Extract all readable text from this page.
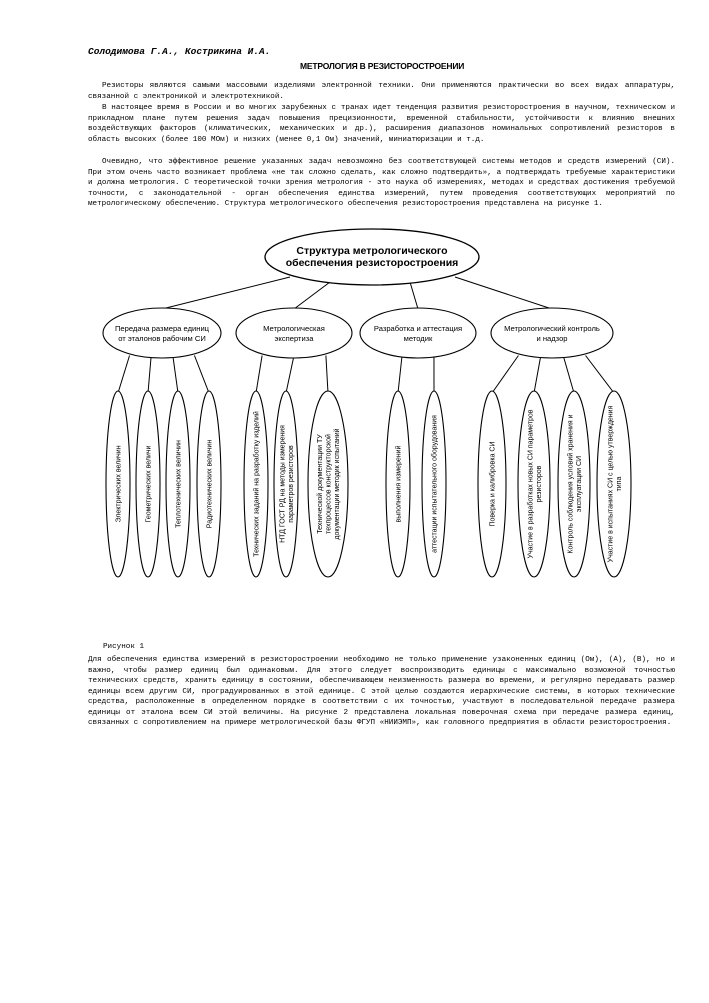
Солодимова Г.А., Кострикина И.А.
МЕТРОЛОГИЯ В РЕЗИСТОРОСТРОЕНИИ

Резисторы являются самыми массовыми изделиями электронной техники. Они применяются практически во всех видах аппаратуры, связанной с электроникой и электротехникой.

В настоящее время в России и во многих зарубежных с транах идет тенденция развития резисторостроения в научном, техническом и прикладном плане путем решения задач повышения прецизионности, временной стабильности, устойчивости к влиянию внешних воздействующих факторов (климатических, механических и др.), расширения диапазонов номинальных сопротивлений резисторов в область высоких (более 100 МОм) и низких (менее 0,1 Ом) значений, миниатюризации и т.д.

Очевидно, что эффективное решение указанных задач невозможно без соответствующей системы методов и средств измерений (СИ). При этом очень часто возникает проблема «не так сложно сделать, как сложно подтвердить», а подтверждать требуемые характеристики и должна метрология. С теоретической точки зрения метрология - это наука об измерениях, методах и средствах достижения требуемой точности, с законодательной - орган обеспечения единства измерений, путем проведения соответствующих мероприятий по метрологическому обеспечению. Структура метрологического обеспечения резисторостроения представлена на рисунке 1.

Структура метрологического обеспечения резисторостроения
Передача размера единиц от эталонов рабочим СИ
Электрических величин	Геометрических величи	Теплотехнических величин	Радиотехнических величин
Метрологическая экспертиза
Технических заданий на разработку изделий	НТД ГОСТ РД на методы измерения параметров резисторов	Технической документации ТУ техпроцессов конструкторской документации методик испытаний
Разработка и аттестация методик
выполнения измерений	аттестации испытательного оборудования
Метрологический контроль и надзор
Поверка и калибровка СИ	Участие в разработках новых СИ параметров резисторов	Контроль соблюдения условий хранения и эксплуатации СИ	Участие в испытаниях СИ с целью утверждения типа
Рисунок 1

Для обеспечения единства измерений в резисторостроении необходимо не только применение узаконенных единиц (Ом), (А), (В), но и важно, чтобы размер единиц был одинаковым. Для этого следует воспроизводить единицы с максимально возможной точностью технических средств, хранить единицу в состоянии, обеспечивающем неизменность размера во времени, и регулярно передавать размер единицы всем другим СИ, проградуированных в этой единице. С этой целью создаются иерархические системы, в которых технические средства, расположенные в определенном порядке в соответствии с их точностью, участвуют в последовательной передаче размера единицы от эталона всем СИ этой величины. На рисунке 2 представлена локальная поверочная схема при передаче размера единиц, связанных с сопротивлением на примере метрологической базы ФГУП «НИИЭМП», как головного предприятия в области резисторостроения.
